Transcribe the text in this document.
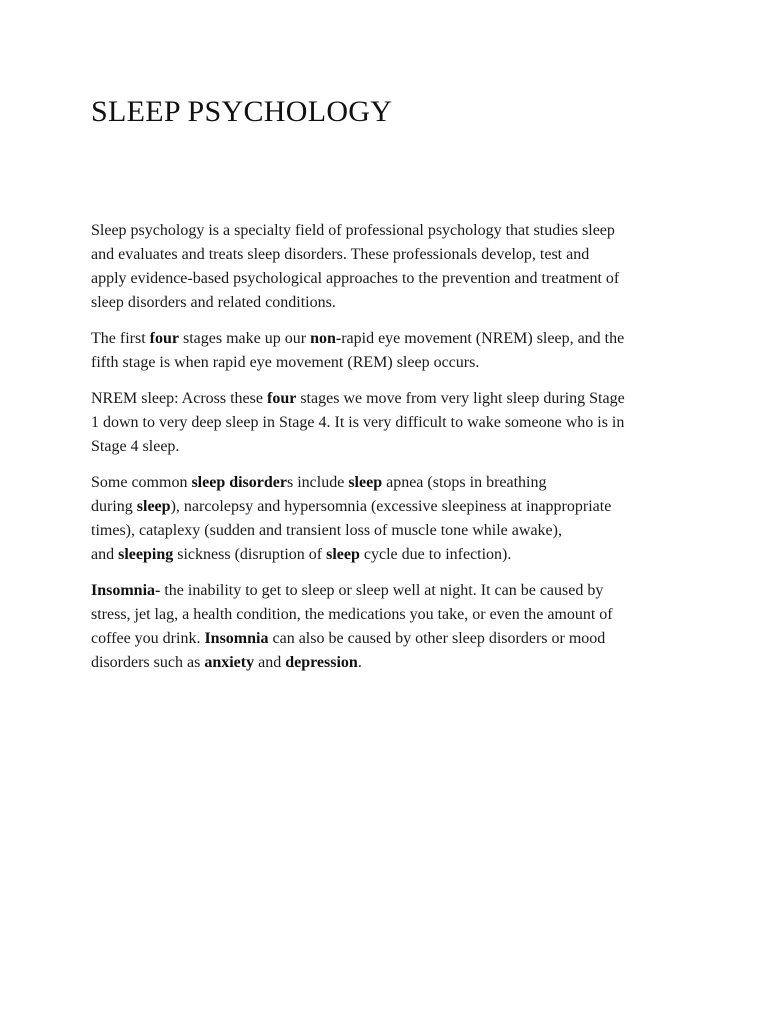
SLEEP PSYCHOLOGY

Sleep psychology is a specialty field of professional psychology that studies sleep
and evaluates and treats sleep disorders. These professionals develop, test and
apply evidence-based psychological approaches to the prevention and treatment of
sleep disorders and related conditions.

The first four stages make up our non-rapid eye movement (NREM) sleep, and the
fifth stage is when rapid eye movement (REM) sleep occurs.

NREM sleep: Across these four stages we move from very light sleep during Stage
1 down to very deep sleep in Stage 4. It is very difficult to wake someone who is in
Stage 4 sleep.

Some common sleep disorders include sleep apnea (stops in breathing
during sleep), narcolepsy and hypersomnia (excessive sleepiness at inappropriate
times), cataplexy (sudden and transient loss of muscle tone while awake),
and sleeping sickness (disruption of sleep cycle due to infection).

Insomnia- the inability to get to sleep or sleep well at night. It can be caused by
stress, jet lag, a health condition, the medications you take, or even the amount of
coffee you drink. Insomnia can also be caused by other sleep disorders or mood
disorders such as anxiety and depression.
